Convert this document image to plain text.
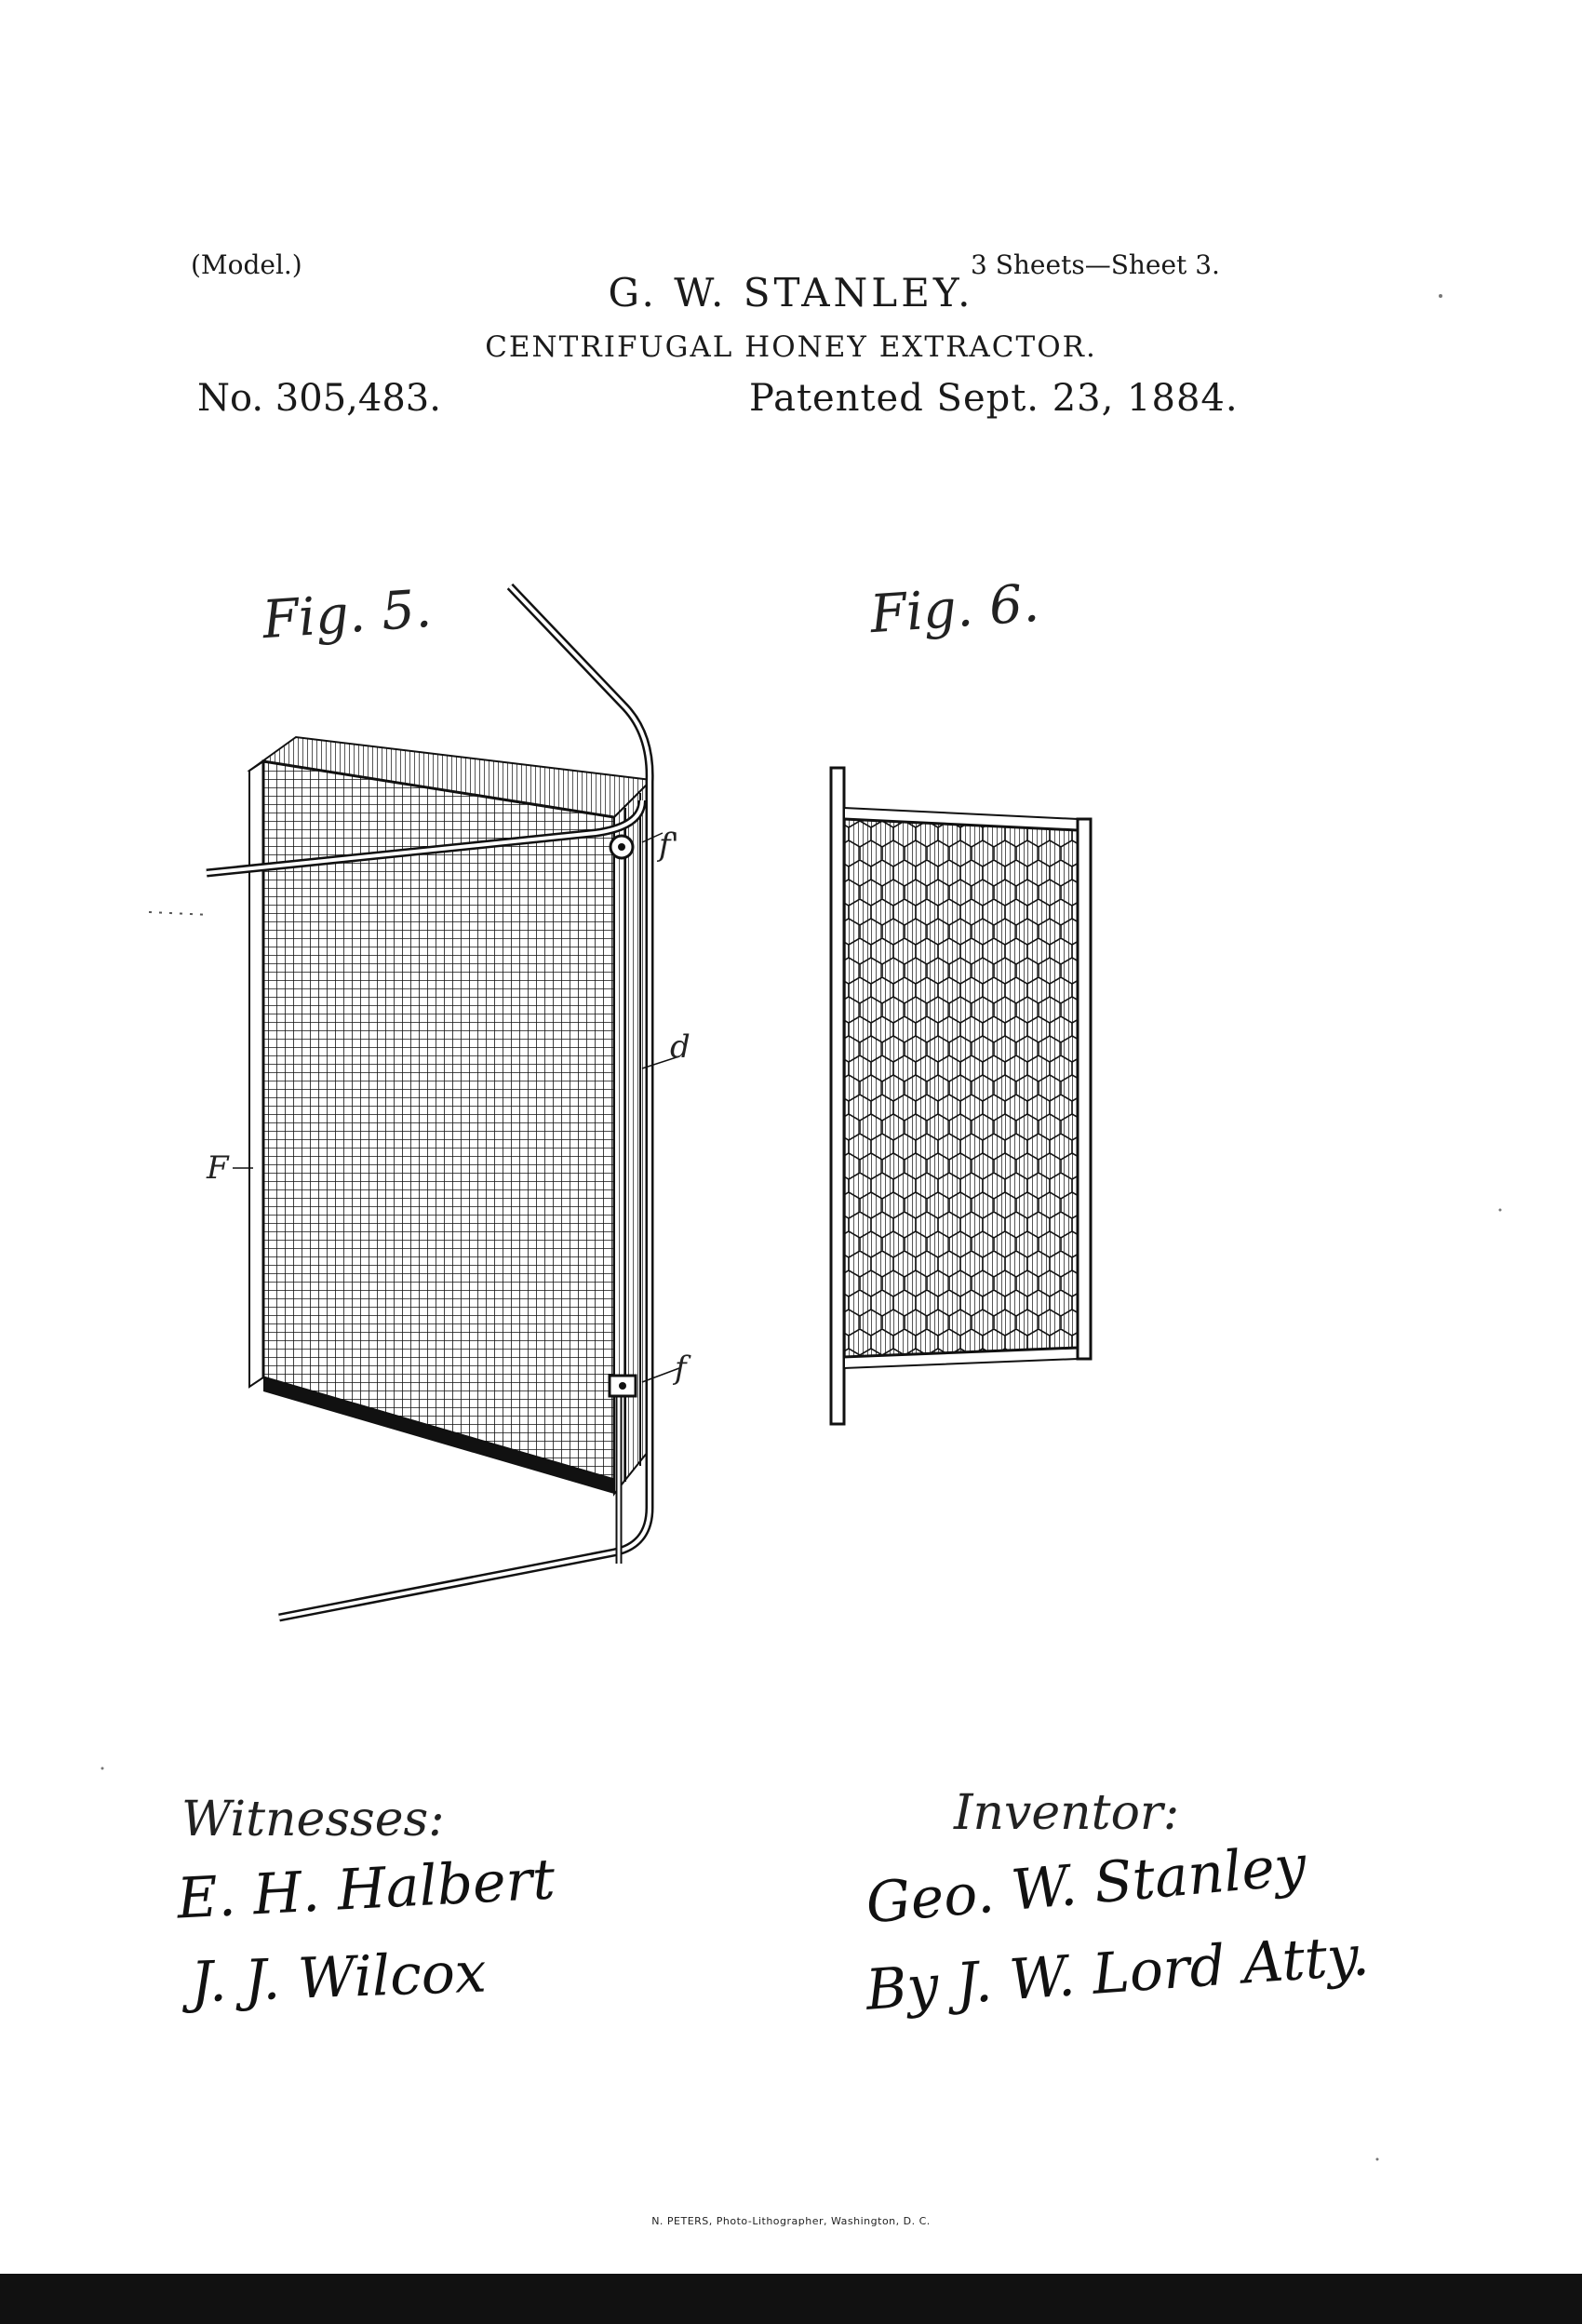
(Model.)	3 Sheets—Sheet 3.
G. W. STANLEY.
CENTRIFUGAL HONEY EXTRACTOR.
No. 305,483.	Patented Sept. 23, 1884.
Fig. 5.	Fig. 6.
f'
d
F
f
Witnesses:
E. H. Halbert
J. J. Wilcox
Inventor:
Geo. W. Stanley
By J. W. Lord Atty.
N. PETERS, Photo-Lithographer, Washington, D. C.
